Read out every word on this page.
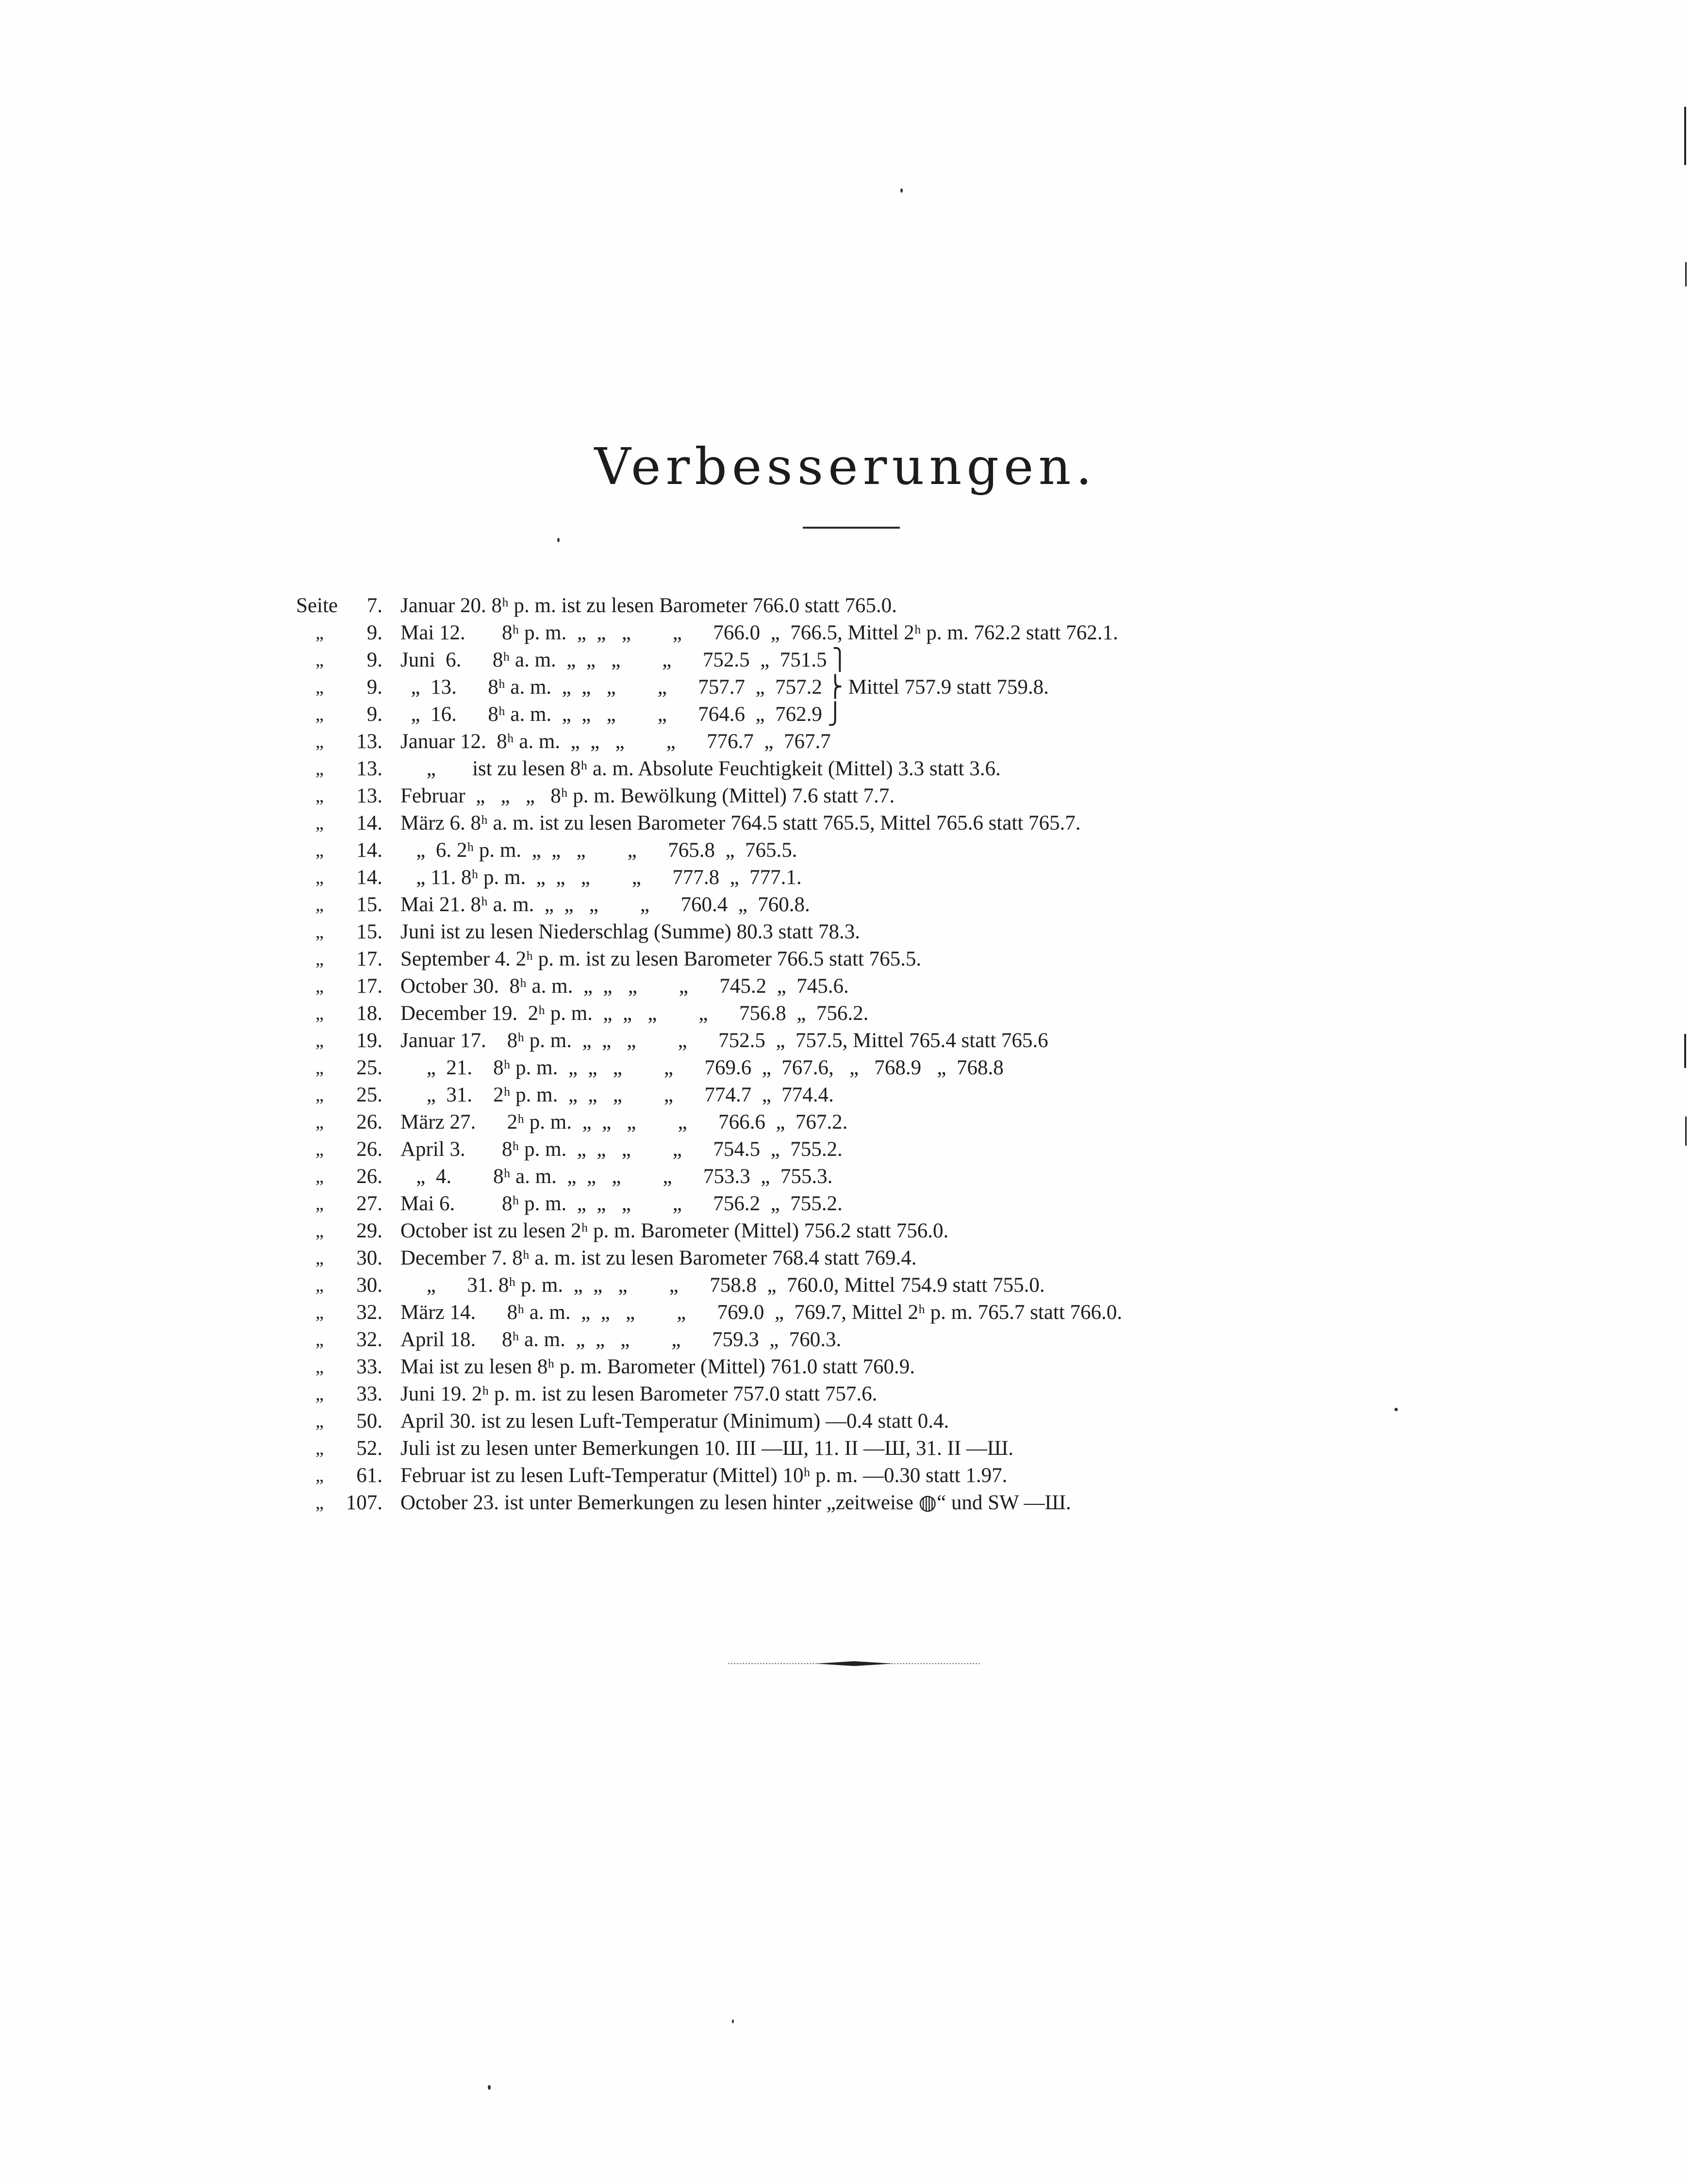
Verbesserungen.
Seite	7. Januar 20. 8ʰ p. m. ist zu lesen Barometer 766.0 statt 765.0.
„	9. Mai 12.       8ʰ p. m.  „  „   „        „      766.0  „  766.5, Mittel 2ʰ p. m. 762.2 statt 762.1.
„	9. Juni  6.      8ʰ a. m.  „  „   „        „      752.5  „  751.5 ⎫
„	9. „  13.      8ʰ a. m.  „  „   „        „      757.7  „  757.2 ⎬ Mittel 757.9 statt 759.8.
„	9. „  16.      8ʰ a. m.  „  „   „        „      764.6  „  762.9 ⎭
„	13. Januar 12.  8ʰ a. m.  „  „   „        „      776.7  „  767.7
„	13. „       ist zu lesen 8ʰ a. m. Absolute Feuchtigkeit (Mittel) 3.3 statt 3.6.
„	13. Februar  „   „   „   8ʰ p. m. Bewölkung (Mittel) 7.6 statt 7.7.
„	14. März 6. 8ʰ a. m. ist zu lesen Barometer 764.5 statt 765.5, Mittel 765.6 statt 765.7.
„	14. „  6. 2ʰ p. m.  „  „   „        „      765.8  „  765.5.
„	14. „ 11. 8ʰ p. m.  „  „   „        „      777.8  „  777.1.
„	15. Mai 21. 8ʰ a. m.  „  „   „        „      760.4  „  760.8.
„	15. Juni ist zu lesen Niederschlag (Summe) 80.3 statt 78.3.
„	17. September 4. 2ʰ p. m. ist zu lesen Barometer 766.5 statt 765.5.
„	17. October 30.  8ʰ a. m.  „  „   „        „      745.2  „  745.6.
„	18. December 19.  2ʰ p. m.  „  „   „        „      756.8  „  756.2.
„	19. Januar 17.    8ʰ p. m.  „  „   „        „      752.5  „  757.5, Mittel 765.4 statt 765.6
„	25. „  21.    8ʰ p. m.  „  „   „        „      769.6  „  767.6,   „   768.9   „  768.8
„	25. „  31.    2ʰ p. m.  „  „   „        „      774.7  „  774.4.
„	26. März 27.      2ʰ p. m.  „  „   „        „      766.6  „  767.2.
„	26. April 3.       8ʰ p. m.  „  „   „        „      754.5  „  755.2.
„	26. „  4.        8ʰ a. m.  „  „   „        „      753.3  „  755.3.
„	27. Mai 6.         8ʰ p. m.  „  „   „        „      756.2  „  755.2.
„	29. October ist zu lesen 2ʰ p. m. Barometer (Mittel) 756.2 statt 756.0.
„	30. December 7. 8ʰ a. m. ist zu lesen Barometer 768.4 statt 769.4.
„	30. „      31. 8ʰ p. m.  „  „   „        „      758.8  „  760.0, Mittel 754.9 statt 755.0.
„	32. März 14.      8ʰ a. m.  „  „   „        „      769.0  „  769.7, Mittel 2ʰ p. m. 765.7 statt 766.0.
„	32. April 18.     8ʰ a. m.  „  „   „        „      759.3  „  760.3.
„	33. Mai ist zu lesen 8ʰ p. m. Barometer (Mittel) 761.0 statt 760.9.
„	33. Juni 19. 2ʰ p. m. ist zu lesen Barometer 757.0 statt 757.6.
„	50. April 30. ist zu lesen Luft-Temperatur (Minimum) —0.4 statt 0.4.
„	52. Juli ist zu lesen unter Bemerkungen 10. III —Ш, 11. II —Ш, 31. II —Ш.
„	61. Februar ist zu lesen Luft-Temperatur (Mittel) 10ʰ p. m. —0.30 statt 1.97.
„	107. October 23. ist unter Bemerkungen zu lesen hinter „zeitweise ◍“ und SW —Ш.
